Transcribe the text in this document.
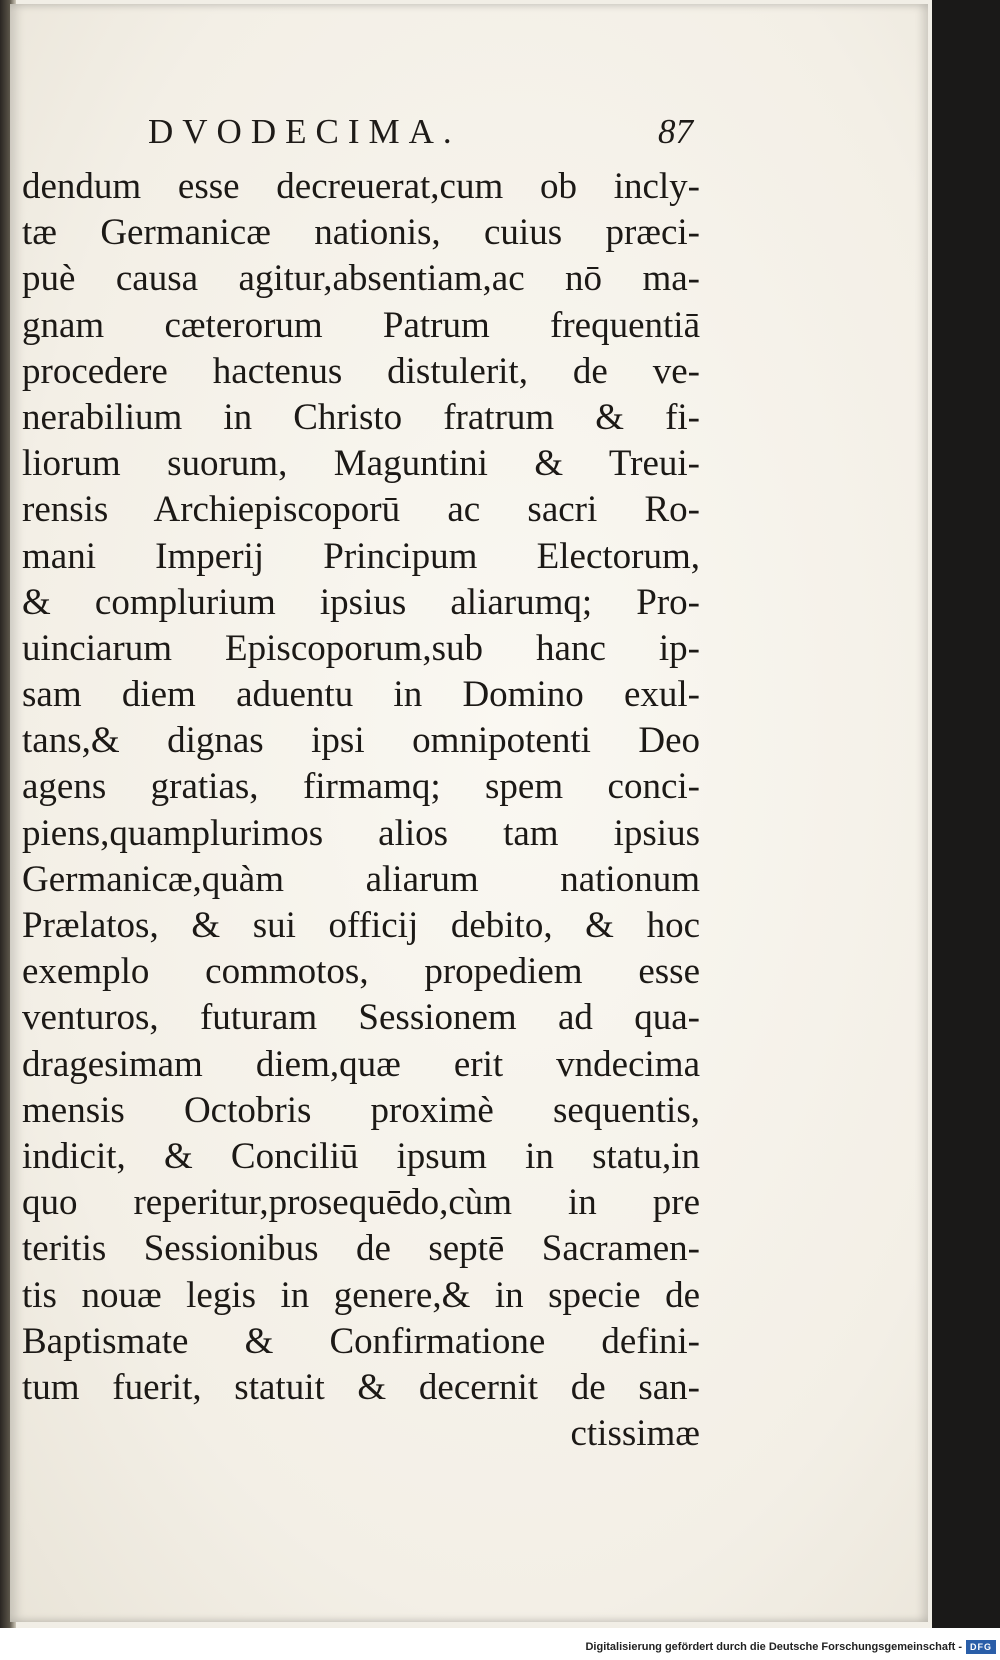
DVODECIMA.	87
dendum esse decreuerat,cum ob incly-
tæ Germanicæ nationis, cuius præci-
puè causa agitur,absentiam,ac nō ma-
gnam cæterorum Patrum frequentiā
procedere hactenus distulerit, de ve-
nerabilium in Christo fratrum & fi-
liorum suorum, Maguntini & Treui-
rensis Archiepiscoporū ac sacri Ro-
mani Imperij Principum Electorum,
& complurium ipsius aliarumq; Pro-
uinciarum Episcoporum,sub hanc ip-
sam diem aduentu in Domino exul-
tans,& dignas ipsi omnipotenti Deo
agens gratias, firmamq; spem conci-
piens,quamplurimos alios tam ipsius
Germanicæ,quàm aliarum nationum
Prælatos, & sui officij debito, & hoc
exemplo commotos, propediem esse
venturos, futuram Sessionem ad qua-
dragesimam diem,quæ erit vndecima
mensis Octobris proximè sequentis,
indicit, & Conciliū ipsum in statu,in
quo reperitur,prosequēdo,cùm in pre
teritis Sessionibus de septē Sacramen-
tis nouæ legis in genere,& in specie de
Baptismate & Confirmatione defini-
tum fuerit, statuit & decernit de san-
ctissimæ
Digitalisierung gefördert durch die Deutsche Forschungsgemeinschaft - DFG
